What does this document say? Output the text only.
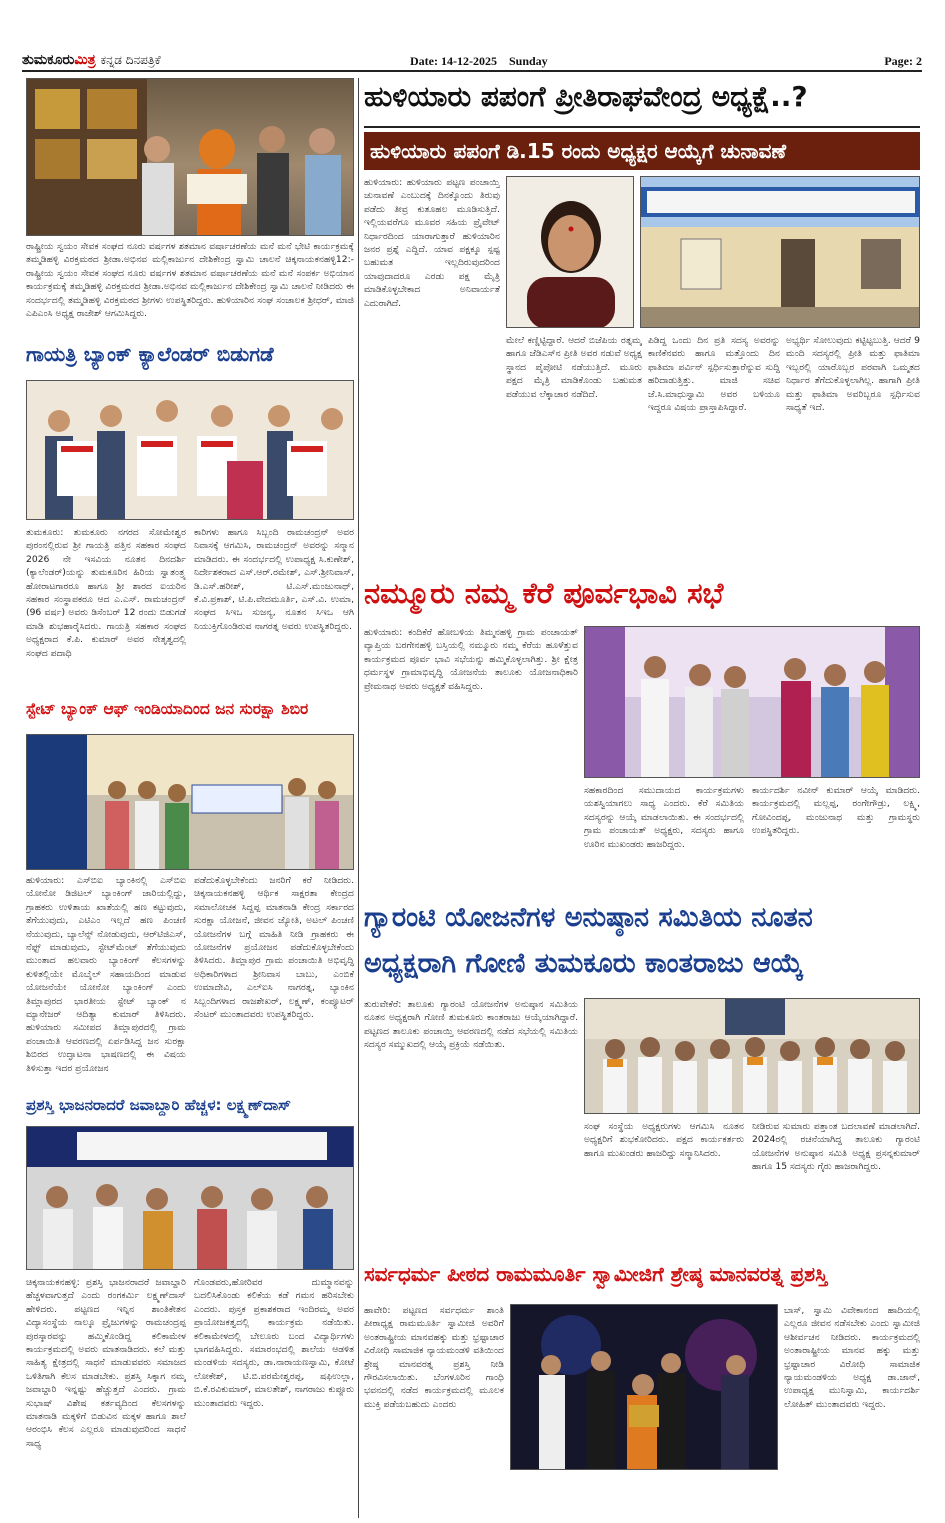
ತುಮಕೂರುಮಿತ್ರ ಕನ್ನಡ ದಿನಪತ್ರಿಕೆ	Date: 14-12-2025 Sunday	Page: 2
ರಾಷ್ಟ್ರೀಯ ಸ್ವಯಂ ಸೇವಕ ಸಂಘದ ನೂರು ವರ್ಷಗಳ ಶತಮಾನ ವರ್ಷಾಚರಣೆಯ ಮನೆ ಮನೆ ಭೇಟಿ ಕಾರ್ಯಕ್ರಮಕ್ಕೆ ತಮ್ಮಡಿಹಳ್ಳಿ ವಿರಕ್ತಮಠದ ಶ್ರೀಡಾ.ಅಭಿನವ ಮಲ್ಲಿಕಾರ್ಜುನ ದೇಶಿಕೇಂದ್ರ ಸ್ವಾಮಿ ಚಾಲನೆ ಚಿಕ್ಕನಾಯಕನಹಳ್ಳಿ12:- ರಾಷ್ಟ್ರೀಯ ಸ್ವಯಂ ಸೇವಕ ಸಂಘದ ನೂರು ವರ್ಷಗಳ ಶತಮಾನ ವರ್ಷಾಚರಣೆಯ ಮನೆ ಮನೆ ಸಂಪರ್ಕ ಅಭಿಯಾನ ಕಾರ್ಯಕ್ರಮಕ್ಕೆ ತಮ್ಮಡಿಹಳ್ಳಿ ವಿರಕ್ತಮಠದ ಶ್ರೀಡಾ.ಅಭಿನವ ಮಲ್ಲಿಕಾರ್ಜುನ ದೇಶಿಕೇಂದ್ರ ಸ್ವಾಮಿ ಚಾಲನೆ ನೀಡಿದರು ಈ ಸಂದರ್ಭದಲ್ಲಿ ತಮ್ಮಡಿಹಳ್ಳಿ ವಿರಕ್ತಮಠದ ಶ್ರೀಗಳು ಉಪಸ್ಥಿತರಿದ್ದರು. ಹುಳಿಯಾರಿನ ಸಂಘ ಸಂಚಾಲಕ ಶ್ರೀಧರ್, ಮಾಜಿ ಎಪಿಎಂಸಿ ಅಧ್ಯಕ್ಷ ರಾಜೇಶ್ ಆಗಮಿಸಿದ್ದರು.
ಗಾಯತ್ರಿ ಬ್ಯಾಂಕ್ ಕ್ಯಾಲೆಂಡರ್ ಬಿಡುಗಡೆ
ತುಮಕೂರು: ತುಮಕೂರು ನಗರದ ಸೋಮೇಶ್ವರ ಪುರಂನಲ್ಲಿರುವ ಶ್ರೀ ಗಾಯತ್ರಿ ಪತ್ತಿನ ಸಹಕಾರ ಸಂಘದ 2026 ನೇ ಇಸವಿಯ ನೂತನ ದಿನದರ್ಶಿ (ಕ್ಯಾಲೆಂಡರ್)ಯನ್ನು ತುಮಕೂರಿನ ಹಿರಿಯ ಸ್ವಾತಂತ್ರ್ಯ ಹೋರಾಟಗಾರರೂ ಹಾಗೂ ಶ್ರೀ ಶಾರದ ಐಯರಿನ ಸಹಕಾರ ಸಂಸ್ಥಾಪಕರೂ ಆದ ಎ.ಎಸ್. ರಾಮಚಂದ್ರನ್ (96 ವರ್ಷ) ಅವರು ಡಿಸೆಂಬರ್ 12 ರಂದು ಬಿಡುಗಡೆ ಮಾಡಿ ಶುಭಹಾರೈಸಿದರು. ಗಾಯತ್ರಿ ಸಹಕಾರ ಸಂಘದ ಅಧ್ಯಕ್ಷರಾದ ಕೆ.ಪಿ. ಕುಮಾರ್ ಅವರ ನೇತೃತ್ವದಲ್ಲಿ ಸಂಘದ ಪದಾಧಿ
ಕಾರಿಗಳು ಹಾಗೂ ಸಿಬ್ಬಂದಿ ರಾಮಚಂದ್ರನ್ ಅವರ ನಿವಾಸಕ್ಕೆ ಆಗಮಿಸಿ, ರಾಮಚಂದ್ರನ್ ಅವರನ್ನು ಸನ್ಮಾನ ಮಾಡಿದರು. ಈ ಸಂದರ್ಭದಲ್ಲಿ ಉಪಾಧ್ಯಕ್ಷ ಸಿ.ಕುಣೇಶ್, ನಿರ್ದೇಶಕರಾದ ಎಸ್.ಆರ್.ರಮೇಶ್, ಎಸ್.ಶ್ರೀನಿವಾಸ್, ಡಿ.ಎಸ್.ಹರೀಶ್, ಟಿ.ಎಸ್.ಮಂಜುನಾಥ್, ಕೆ.ವಿ.ಪ್ರಕಾಶ್, ಟಿ.ಪಿ.ವೇದಮೂರ್ತಿ, ಎಸ್.ವಿ. ಉಮಾ, ಸಂಘದ ಸಿಇಒ ಸುಜನ್ಯ, ನೂತನ ಸಿಇಒ ಆಗಿ ನಿಯುಕ್ತಿಗೊಂಡಿರುವ ನಾಗರತ್ನ ಅವರು ಉಪಸ್ಥಿತರಿದ್ದರು.
ಸ್ಟೇಟ್ ಬ್ಯಾಂಕ್ ಆಫ್ ಇಂಡಿಯಾದಿಂದ ಜನ ಸುರಕ್ಷಾ ಶಿಬಿರ
ಹುಳಿಯಾರು: ಎಸ್‌ಬಿಐ ಬ್ಯಾಂಕಿನಲ್ಲಿ ಎಸ್‌ಬಿಐ ಯೋನೋ ಡಿಜಿಟಲ್ ಬ್ಯಾಂಕಿಂಗ್ ಜಾರಿಯಲ್ಲಿದ್ದು, ಗ್ರಾಹಕರು ಉಳಿತಾಯ ಖಾತೆಯಲ್ಲಿ ಹಣ ಕಟ್ಟುವುದು, ತೆಗೆಯುವುದು, ಎಟಿಎಂ ಇಲ್ಲದೆ ಹಣ ಪಿಂಚಣಿ ನೆಯುವುದು, ಬ್ಯಾಲೆನ್ಸ್ ನೋಡುವುದು, ಆರ್‌ಟಿಜಿಎಸ್, ನೆಫ್ಟ್ ಮಾಡುವುದು, ಸ್ಟೇಟ್‌ಮೆಂಟ್ ತೆಗೆಯುವುದು ಮುಂತಾದ ಹಲವಾರು ಬ್ಯಾಂಕಿಂಗ್ ಕೆಲಸಗಳನ್ನು ಕುಳಿತಲ್ಲಿಯೇ ಮೊಬೈಲ್ ಸಹಾಯದಿಂದ ಮಾಡುವ ಯೋಜನೆಯೇ ಯೋನೋ ಬ್ಯಾಂಕಿಂಗ್ ಎಂದು ತಿಮ್ಲಾಪುರದ ಭಾರತೀಯ ಸ್ಟೇಟ್ ಬ್ಯಾಂಕ್ ನ ಮ್ಯಾನೇಜರ್ ಆದಿತ್ಯಾ ಕುಮಾರ್ ತಿಳಿಸಿದರು. ಹುಳಿಯಾರು ಸಮೀಪದ ತಿಮ್ಲಾಪುರದಲ್ಲಿ ಗ್ರಾಮ ಪಂಚಾಯಿತಿ ಆವರಣದಲ್ಲಿ ಏರ್ಪಡಿಸಿದ್ದ ಜನ ಸುರಕ್ಷಾ ಶಿಬಿರದ ಉದ್ಘಾಟನಾ ಭಾಷಣದಲ್ಲಿ ಈ ವಿಷಯ ತಿಳಿಸುತ್ತಾ ಇದರ ಪ್ರಯೋಜನ
ಪಡೆದುಕೊಳ್ಳಬೇಕೆಂದು ಜನರಿಗೆ ಕರೆ ನೀಡಿದರು. ಚಿಕ್ಕನಾಯಕನಹಳ್ಳಿ ಆರ್ಥಿಕ ಸಾಕ್ಷರತಾ ಕೇಂದ್ರದ ಸಮಾಲೋಚಕ ಸಿದ್ದಪ್ಪ ಮಾತನಾಡಿ ಕೇಂದ್ರ ಸರ್ಕಾರದ ಸುರಕ್ಷಾ ಯೋಜನೆ, ಜೀವನ ಜ್ಯೋತಿ, ಅಟಲ್ ಪಿಂಚಣಿ ಯೋಜನೆಗಳ ಬಗ್ಗೆ ಮಾಹಿತಿ ನೀಡಿ ಗ್ರಾಹಕರು ಈ ಯೋಜನೆಗಳ ಪ್ರಯೋಜನ ಪಡೆದುಕೊಳ್ಳಬೇಕೆಂದು ತಿಳಿಸಿದರು. ತಿಮ್ಲಾಪುರ ಗ್ರಾಮ ಪಂಚಾಯಿತಿ ಅಭಿವೃದ್ಧಿ ಅಧಿಕಾರಿಗಳಾದ ಶ್ರೀನಿವಾಸ ಬಾಬು, ಎಂಬಿಕೆ ಉಮಾದೇವಿ, ಎಲ್‌ಐಸಿ ನಾಗರತ್ನ, ಬ್ಯಾಂಕಿನ ಸಿಬ್ಬಂದಿಗಳಾದ ರಾಜಶೇಖರ್, ಲಕ್ಷ್ಮಣ್, ಕಂಪ್ಯೂಟರ್ ಸೆಂಟರ್ ಮುಂತಾದವರು ಉಪಸ್ಥಿತರಿದ್ದರು.
ಪ್ರಶಸ್ತಿ ಭಾಜನರಾದರೆ ಜವಾಬ್ದಾರಿ ಹೆಚ್ಚಳ: ಲಕ್ಷ್ಮಣ್‌ದಾಸ್
ಚಿಕ್ಕನಾಯಕನಹಳ್ಳಿ: ಪ್ರಶಸ್ತಿ ಭಾಜನರಾದರೆ ಜವಾಬ್ದಾರಿ ಹೆಚ್ಚಳವಾಗುತ್ತದೆ ಎಂದು ರಂಗಕರ್ಮಿ ಲಕ್ಷ್ಮಣ್‌ದಾಸ್ ಹೇಳಿದರು. ಪಟ್ಟಣದ ಇನ್ನಿನ ಶಾಂತಿಕೇತನ ವಿದ್ಯಾಸಂಸ್ಥೆಯ ನಾಲ್ಕೂ ಪ್ರೈಜುಗಳನ್ನು ರಾಮಚಂದ್ರಪ್ಪ ಪುರಸ್ಕಾರವನ್ನು ಹಮ್ಮಿಕೊಂಡಿದ್ದ ಕಲಿಕಾಮೇಳ ಕಾರ್ಯಕ್ರಮದಲ್ಲಿ ಅವರು ಮಾತನಾಡಿದರು. ಕಲೆ ಮತ್ತು ಸಾಹಿತ್ಯ ಕ್ಷೇತ್ರದಲ್ಲಿ ಸಾಧನೆ ಮಾಡುವವರು ಸಮಾಜದ ಒಳಿತಿಗಾಗಿ ಕೆಲಸ ಮಾಡಬೇಕು. ಪ್ರಶಸ್ತಿ ಸಿಕ್ಕಾಗ ನಮ್ಮ ಜವಾಬ್ದಾರಿ ಇನ್ನಷ್ಟು ಹೆಚ್ಚುತ್ತದೆ ಎಂದರು. ಗ್ರಾಮ ಸುಭಾಷ್ ವಿಶೇಷ ಕರ್ತವ್ಯದಿಂದ ಕೆಲಸಗಳನ್ನು ಮಾತನಾಡಿ ಮಕ್ಕಳಿಗೆ ಬಿಡುವಿನ ಮಕ್ಕಳ ಹಾಗೂ ಶಾಲೆ ಆರಂಭಿಸಿ ಕೆಲಸ ಎಲ್ಲರೂ ಮಾಡುವುದರಿಂದ ಸಾಧನೆ ಸಾಧ್ಯ
ಗೊಂಡವರು,ಹೋರಿವರ ದುಮ್ಮಾನವನ್ನು ಬದಲಿಸಿಕೊಂಡು ಕಲಿಕೆಯ ಕಡೆ ಗಮನ ಹರಿಸಬೇಕು ಎಂದರು. ಪುಸ್ತಕ ಪ್ರಕಾಶಕರಾದ ಇಂದಿರಮ್ಮ ಅವರ ಪ್ರಾಯೋಜಕತ್ವದಲ್ಲಿ ಕಾರ್ಯಕ್ರಮ ನಡೆಯಿತು. ಕಲಿಕಾಮೇಳದಲ್ಲಿ ಬೇಲೂರು ಬಂದ ವಿದ್ಯಾರ್ಥಿಗಳು ಭಾಗವಹಿಸಿದ್ದರು. ಸಮಾರಂಭದಲ್ಲಿ ಶಾಲೆಯ ಆಡಳಿತ ಮಂಡಳಿಯ ಸದಸ್ಯರು, ಡಾ.ನಾರಾಯಣಸ್ವಾಮಿ, ಕೋಟೆ ಲೋಕೇಶ್, ಟಿ.ಬಿ.ಪರಮೇಶ್ವರಪ್ಪ, ಷಫಿಉಲ್ಲಾ, ಬಿ.ಕೆ.ರವಿಕುಮಾರ್, ಮಾಲತೇಶ್, ನಾಗರಾಜು ಕುಪ್ಪೂರು ಮುಂತಾದವರು ಇದ್ದರು.
ಹುಳಿಯಾರು ಪಪಂಗೆ ಪ್ರೀತಿರಾಘವೇಂದ್ರ ಅಧ್ಯಕ್ಷೆ..?
ಹುಳಿಯಾರು ಪಪಂಗೆ ಡಿ.15 ರಂದು ಅಧ್ಯಕ್ಷರ ಆಯ್ಕೆಗೆ ಚುನಾವಣೆ
ಹುಳಿಯಾರು: ಹುಳಿಯಾರು ಪಟ್ಟಣ ಪಂಚಾಯ್ತಿ ಚುನಾವಣೆ ಎಂಬುದಕ್ಕೆ ದಿನಕ್ಕೊಂದು ತಿರುವು ಪಡೆದು ತೀವ್ರ ಕುತೂಹಲ ಮೂಡಿಸುತ್ತಿದೆ. ಇಲ್ಲಿಯವರೆಗೂ ಮೂವರ ಸಹಿಯ ಪ್ರೈವೇಟ್ ನಿರ್ಧಾರದಿಂದ ಯಾರಾಗುತ್ತಾರೆ ಹುಳಿಯಾರಿನ ಜನರ ಪ್ರಶ್ನೆ ಎದ್ದಿದೆ. ಯಾವ ಪಕ್ಷಕ್ಕೂ ಸ್ಪಷ್ಟ ಬಹುಮತ ಇಲ್ಲದಿರುವುದರಿಂದ ಯಾವುದಾದರೂ ಎರಡು ಪಕ್ಷ ಮೈತ್ರಿ ಮಾಡಿಕೊಳ್ಳಬೇಕಾದ ಅನಿವಾರ್ಯತೆ ಎದುರಾಗಿದೆ.
ಮೇಲೆ ಕಣ್ಣಿಟ್ಟಿದ್ದಾರೆ. ಆದರೆ ಬಿಜೆಪಿಯ ರತ್ನಮ್ಮ ಹಾಗೂ ಜೆಡಿಎಸ್‌ನ ಪ್ರೀತಿ ಅವರ ನಡುವೆ ಅಧ್ಯಕ್ಷ ಸ್ಥಾನದ ಪೈಪೋಟಿ ನಡೆಯುತ್ತಿದೆ. ಮೂರು ಪಕ್ಷದ ಮೈತ್ರಿ ಮಾಡಿಕೊಂಡು ಬಹುಮತ ಪಡೆಯುವ ಲೆಕ್ಕಾಚಾರ ನಡೆದಿದೆ.
ಪಿಡಿದ್ದ ಒಂದು ದಿನ ಪ್ರತಿ ಸದಸ್ಯ ಅವರನ್ನು ಕಾಣಿಕೆನವರು ಹಾಗೂ ಮತ್ತೊಂದು ದಿನ ಫಾತಿಮಾ ಪರ್ವಿನ್ ಸ್ಪರ್ಧಿಸುತ್ತಾರೆನ್ನುವ ಸುದ್ದಿ ಹರಿದಾಡುತ್ತಿತ್ತು. ಮಾಜಿ ಸಚಿವ ಜೆ.ಸಿ.ಮಾಧುಸ್ವಾಮಿ ಅವರ ಬಳಿಯೂ ಇದ್ದರೂ ವಿಷಯ ಪ್ರಾಸ್ತಾಪಿಸಿದ್ದಾರೆ.
ಅಭ್ಯರ್ಥಿ ಸೋಲುವುದು ಕಟ್ಟಿಟ್ಟಬುತ್ತಿ. ಆದರೆ 9 ಮಂದಿ ಸದಸ್ಯರಲ್ಲಿ ಪ್ರೀತಿ ಮತ್ತು ಫಾತಿಮಾ ಇಬ್ಬರಲ್ಲಿ ಯಾರೊಬ್ಬರ ಪರವಾಗಿ ಒಮ್ಮತದ ನಿರ್ಧಾರ ತೆಗೆದುಕೊಳ್ಳಲಾಗಿಲ್ಲ. ಹಾಗಾಗಿ ಪ್ರೀತಿ ಮತ್ತು ಫಾತಿಮಾ ಅವರಿಬ್ಬರೂ ಸ್ಪರ್ಧಿಸುವ ಸಾಧ್ಯತೆ ಇದೆ.
ನಮ್ಮೂರು ನಮ್ಮ ಕೆರೆ ಪೂರ್ವಭಾವಿ ಸಭೆ
ಹುಳಿಯಾರು: ಕಂದಿಕೆರೆ ಹೋಬಳಿಯ ತಿಮ್ಮನಹಳ್ಳಿ ಗ್ರಾಮ ಪಂಚಾಯತ್ ವ್ಯಾಪ್ತಿಯ ಬರಗೇನಹಳ್ಳಿ ಬಸ್ತಿಯಲ್ಲಿ ನಮ್ಮೂರು ನಮ್ಮ ಕೆರೆಯ ಹೂಳೆತ್ತುವ ಕಾರ್ಯಕ್ರಮದ ಪೂರ್ವ ಭಾವಿ ಸಭೆಯನ್ನು ಹಮ್ಮಿಕೊಳ್ಳಲಾಗಿತ್ತು. ಶ್ರೀ ಕ್ಷೇತ್ರ ಧರ್ಮಸ್ಥಳ ಗ್ರಾಮಾಭಿವೃದ್ಧಿ ಯೋಜನೆಯ ತಾಲೂಕು ಯೋಜನಾಧಿಕಾರಿ ಪ್ರೇಮನಾಥ ಅವರು ಅಧ್ಯಕ್ಷತೆ ವಹಿಸಿದ್ದರು.
ಸಹಕಾರದಿಂದ ಸಮುದಾಯದ ಕಾರ್ಯಕ್ರಮಗಳು ಯಶಸ್ವಿಯಾಗಲು ಸಾಧ್ಯ ಎಂದರು. ಕೆರೆ ಸಮಿತಿಯ ಸದಸ್ಯರನ್ನು ಆಯ್ಕೆ ಮಾಡಲಾಯಿತು. ಈ ಸಂದರ್ಭದಲ್ಲಿ ಗ್ರಾಮ ಪಂಚಾಯತ್ ಅಧ್ಯಕ್ಷರು, ಸದಸ್ಯರು ಹಾಗೂ ಊರಿನ ಮುಖಂಡರು ಹಾಜರಿದ್ದರು.
ಕಾರ್ಯದರ್ಶಿ ನವೀನ್ ಕುಮಾರ್ ಆಯ್ಕೆ ಮಾಡಿದರು. ಕಾರ್ಯಕ್ರಮದಲ್ಲಿ ಮಲ್ಲಪ್ಪ, ರಂಗೇಗೌಡ್ರು, ಲಕ್ಷ್ಮಿ, ಗೋವಿಂದಪ್ಪ, ಮಂಜುನಾಥ ಮತ್ತು ಗ್ರಾಮಸ್ಥರು ಉಪಸ್ಥಿತರಿದ್ದರು.
ಗ್ಯಾರಂಟಿ ಯೋಜನೆಗಳ ಅನುಷ್ಠಾನ ಸಮಿತಿಯ ನೂತನ
ಅಧ್ಯಕ್ಷರಾಗಿ ಗೋಣಿ ತುಮಕೂರು ಕಾಂತರಾಜು ಆಯ್ಕೆ
ತುರುವೇಕೆರೆ: ತಾಲೂಕು ಗ್ಯಾರಂಟಿ ಯೋಜನೆಗಳ ಅನುಷ್ಠಾನ ಸಮಿತಿಯ ನೂತನ ಅಧ್ಯಕ್ಷರಾಗಿ ಗೋಣಿ ತುಮಕೂರು ಕಾಂತರಾಜು ಆಯ್ಕೆಯಾಗಿದ್ದಾರೆ. ಪಟ್ಟಣದ ತಾಲೂಕು ಪಂಚಾಯ್ತಿ ಆವರಣದಲ್ಲಿ ನಡೆದ ಸಭೆಯಲ್ಲಿ ಸಮಿತಿಯ ಸದಸ್ಯರ ಸಮ್ಮುಖದಲ್ಲಿ ಆಯ್ಕೆ ಪ್ರಕ್ರಿಯೆ ನಡೆಯಿತು.
ಸಂಘ ಸಂಸ್ಥೆಯ ಅಧ್ಯಕ್ಷರುಗಳು ಆಗಮಿಸಿ ನೂತನ ಅಧ್ಯಕ್ಷರಿಗೆ ಶುಭಕೋರಿದರು. ಪಕ್ಷದ ಕಾರ್ಯಕರ್ತರು ಹಾಗೂ ಮುಖಂಡರು ಹಾಜರಿದ್ದು ಸನ್ಮಾನಿಸಿದರು.
ನೀಡಿರುವ ಸುಮಾರು ಪತ್ತಾಂತ ಬದಲಾವಣೆ ಮಾಡಲಾಗಿದೆ. 2024ರಲ್ಲಿ ರಚನೆಯಾಗಿದ್ದ ತಾಲೂಕು ಗ್ಯಾರಂಟಿ ಯೋಜನೆಗಳ ಅನುಷ್ಠಾನ ಸಮಿತಿ ಅಧ್ಯಕ್ಷ ಪ್ರಸನ್ನಕುಮಾರ್ ಹಾಗೂ 15 ಸದಸ್ಯರು ಗೈರು ಹಾಜರಾಗಿದ್ದರು.
ಸರ್ವಧರ್ಮ ಪೀಠದ ರಾಮಮೂರ್ತಿ ಸ್ವಾಮೀಜಿಗೆ ಶ್ರೇಷ್ಠ ಮಾನವರತ್ನ ಪ್ರಶಸ್ತಿ
ಹಾವೇರಿ: ಪಟ್ಟಣದ ಸರ್ವಧರ್ಮ ಶಾಂತಿ ಪೀಠಾಧ್ಯಕ್ಷ ರಾಮಮೂರ್ತಿ ಸ್ವಾಮೀಜಿ ಅವರಿಗೆ ಅಂತರಾಷ್ಟ್ರೀಯ ಮಾನವಹಕ್ಕು ಮತ್ತು ಭ್ರಷ್ಟಾಚಾರ ವಿರೋಧಿ ಸಾಮಾಜಿಕ ನ್ಯಾಯಮಂಡಳಿ ವತಿಯಿಂದ ಶ್ರೇಷ್ಠ ಮಾನವರತ್ನ ಪ್ರಶಸ್ತಿ ನೀಡಿ ಗೌರವಿಸಲಾಯಿತು. ಬೆಂಗಳೂರಿನ ಗಾಂಧಿ ಭವನದಲ್ಲಿ ನಡೆದ ಕಾರ್ಯಕ್ರಮದಲ್ಲಿ ಮೂಲಕ ಮುಕ್ತಿ ಪಡೆಯಬಹುದು ಎಂದರು
ಬಾಸ್, ಸ್ವಾಮಿ ವಿವೇಕಾನಂದ ಹಾದಿಯಲ್ಲಿ ಎಲ್ಲರೂ ಜೀವನ ನಡೆಸಬೇಕು ಎಂದು ಸ್ವಾಮೀಜಿ ಆಶೀರ್ವಚನ ನೀಡಿದರು. ಕಾರ್ಯಕ್ರಮದಲ್ಲಿ ಅಂತಾರಾಷ್ಟ್ರೀಯ ಮಾನವ ಹಕ್ಕು ಮತ್ತು ಭ್ರಷ್ಟಾಚಾರ ವಿರೋಧಿ ಸಾಮಾಜಿಕ ನ್ಯಾಯಮಂಡಳಿಯ ಅಧ್ಯಕ್ಷ ಡಾ.ಜಾನ್, ಉಪಾಧ್ಯಕ್ಷ ಮುನಿಸ್ವಾಮಿ, ಕಾರ್ಯದರ್ಶಿ ಲೋಹಿತ್ ಮುಂತಾದವರು ಇದ್ದರು.
